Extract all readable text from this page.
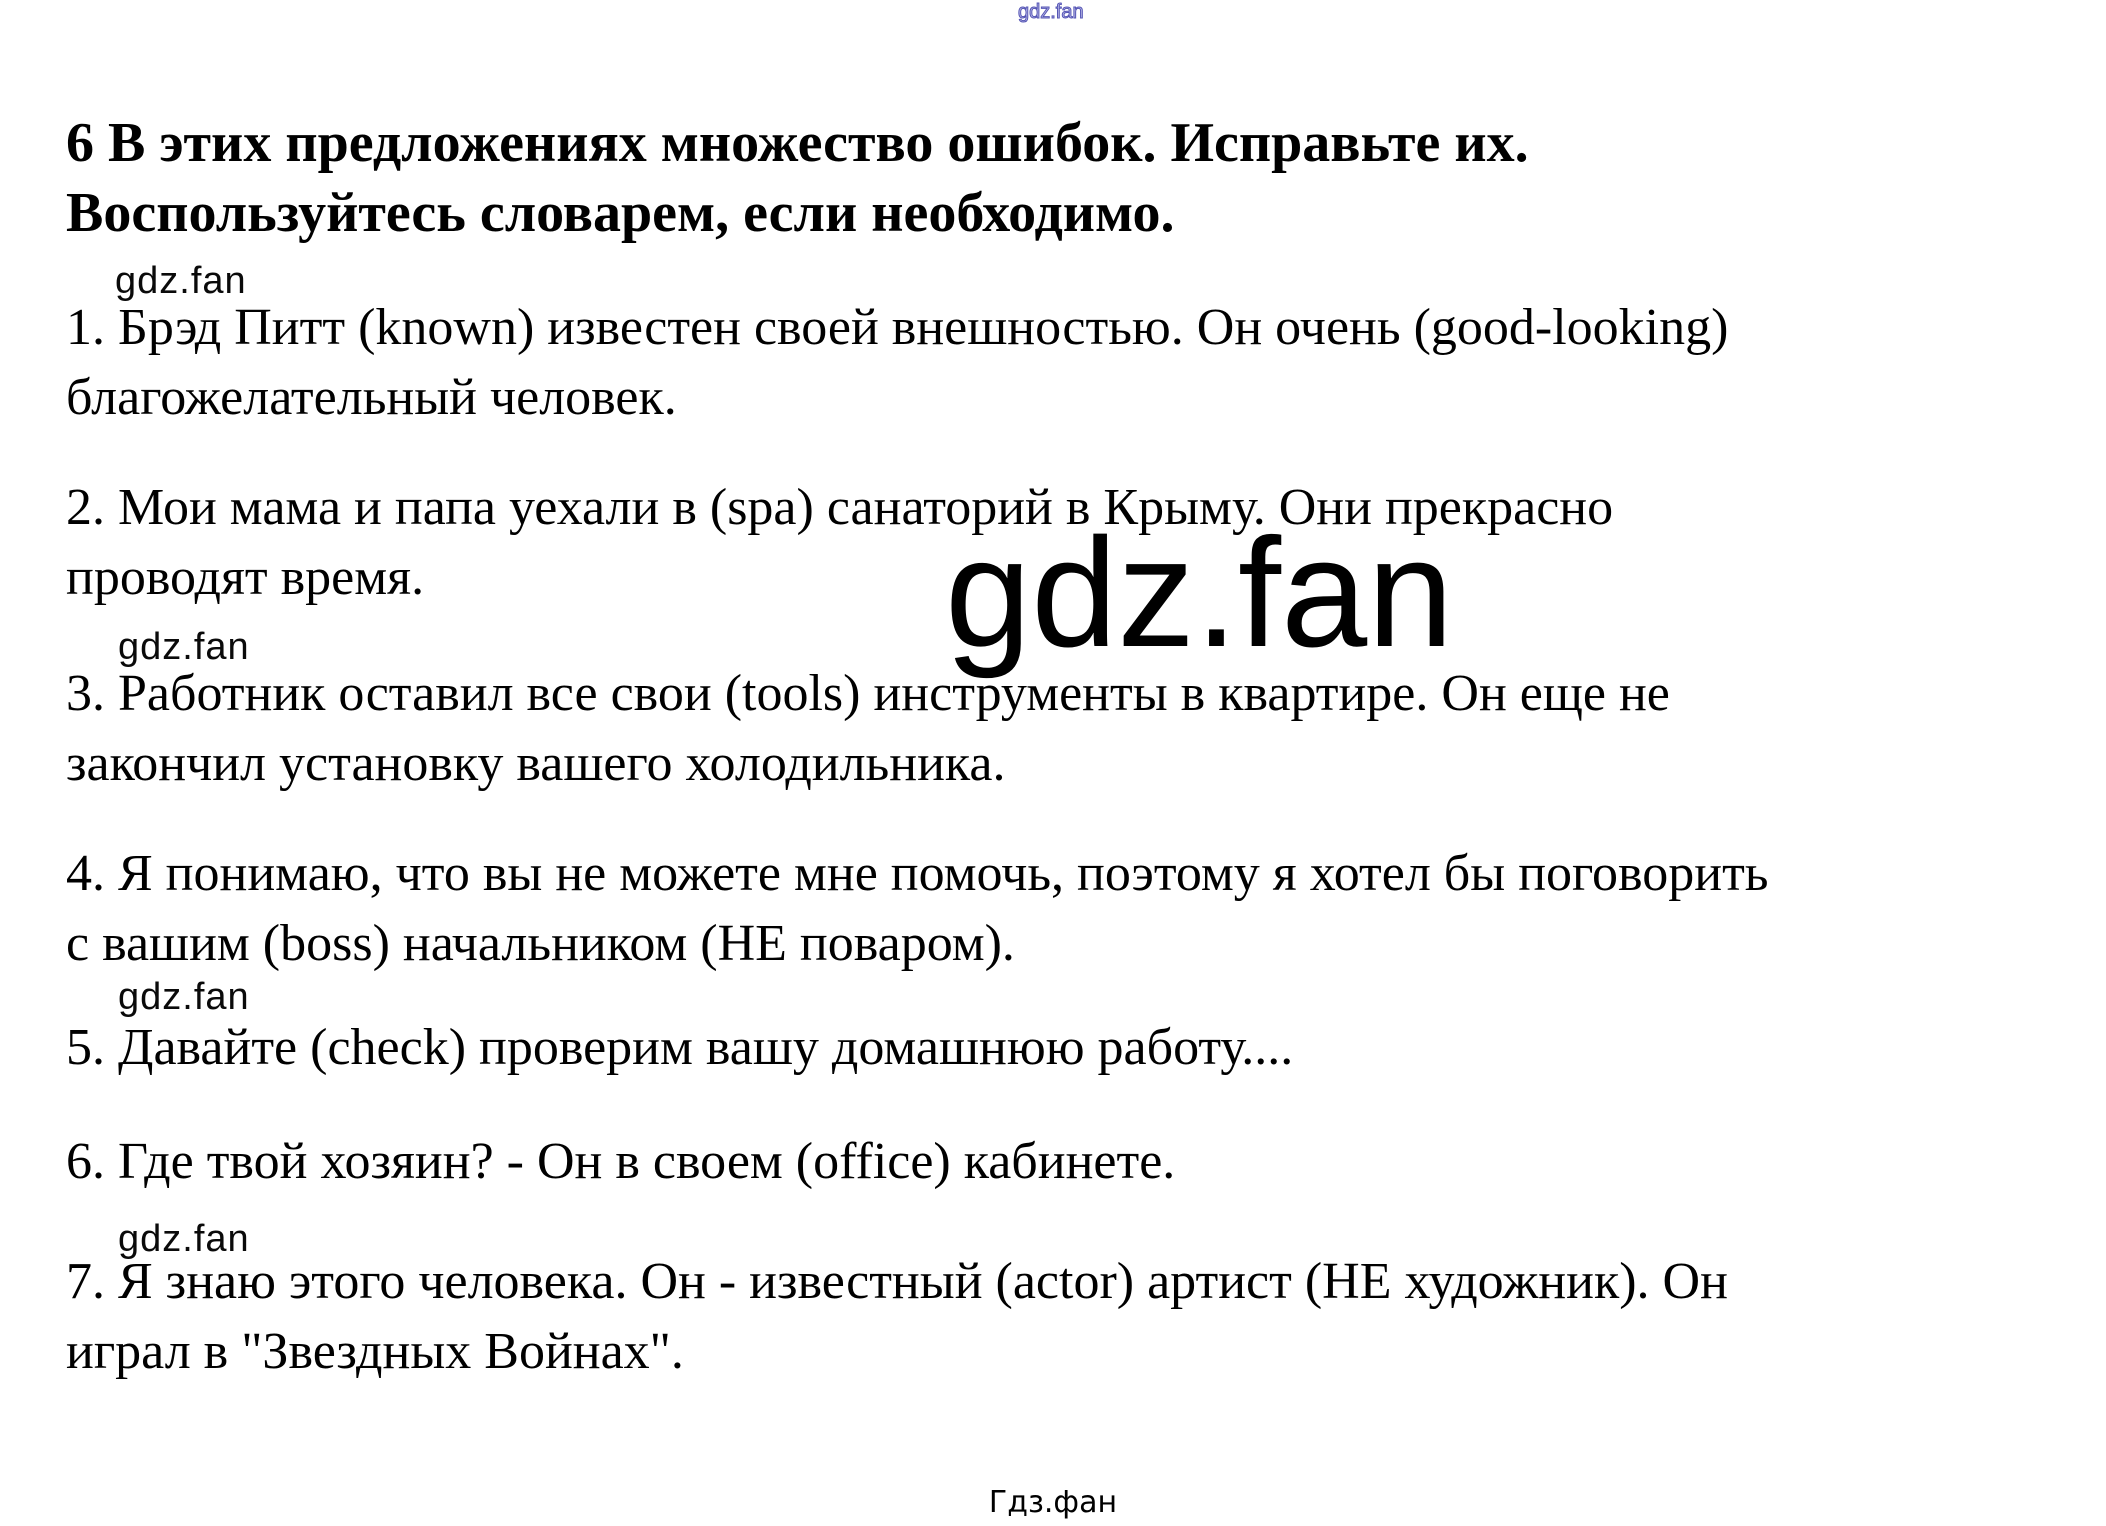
gdz.fan
6 В этих предложениях множество ошибок. Исправьте их.
Воспользуйтесь словарем, если необходимо.
gdz.fan
1. Брэд Питт (known) известен своей внешностью. Он очень (good-looking)
благожелательный человек.
2. Мои мама и папа уехали в (spa) санаторий в Крыму. Они прекрасно
проводят время.	gdz.fan
gdz.fan
3. Работник оставил все свои (tools) инструменты в квартире. Он еще не
закончил установку вашего холодильника.
4. Я понимаю, что вы не можете мне помочь, поэтому я хотел бы поговорить
с вашим (boss) начальником (НЕ поваром).
gdz.fan
5. Давайте (check) проверим вашу домашнюю работу....
6. Где твой хозяин? - Он в своем (office) кабинете.
gdz.fan
7. Я знаю этого человека. Он - известный (actor) артист (НЕ художник). Он
играл в "Звездных Войнах".
Гдз.фан
